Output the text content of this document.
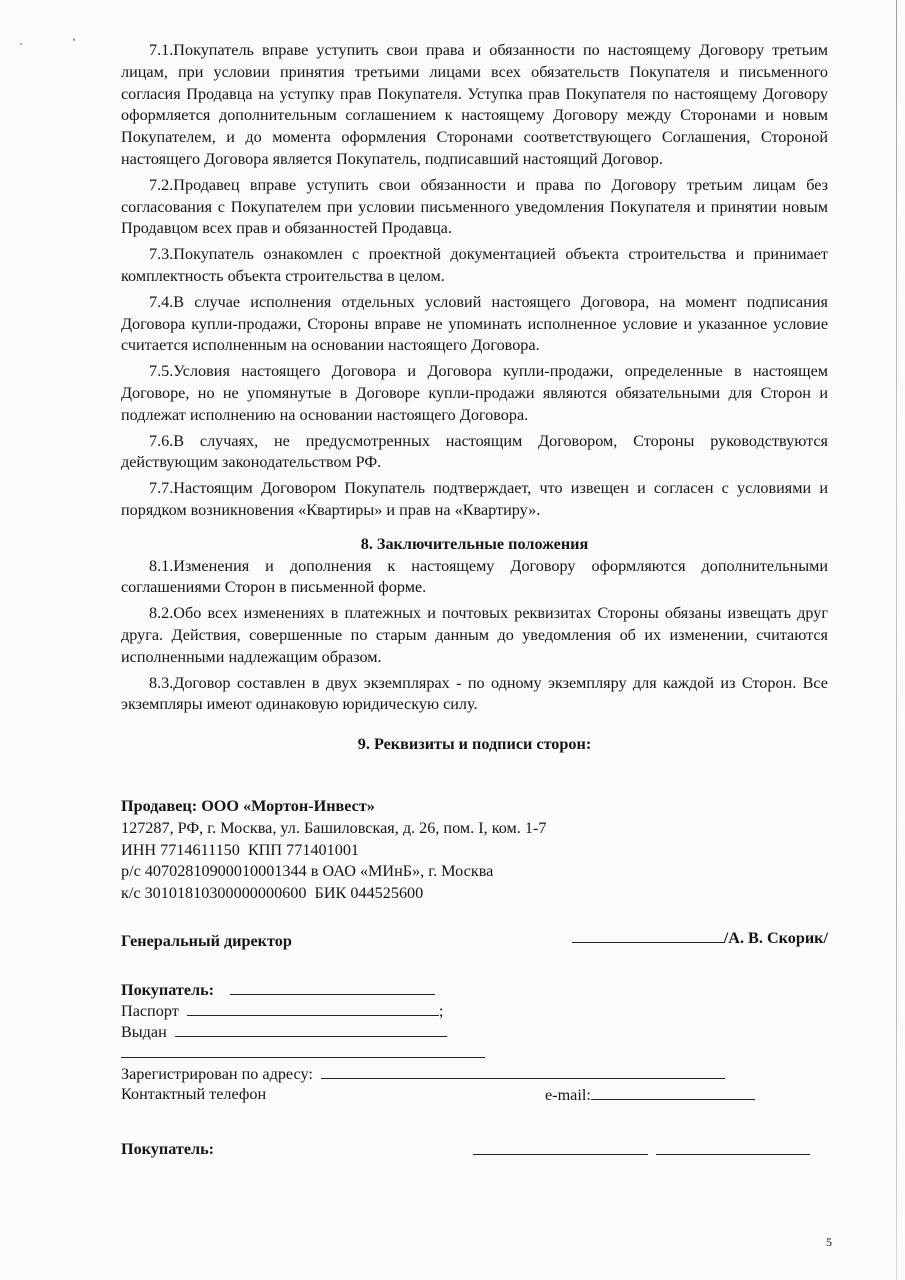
7.1.Покупатель вправе уступить свои права и обязанности по настоящему Договору третьим лицам, при условии принятия третьими лицами всех обязательств Покупателя и письменного согласия Продавца на уступку прав Покупателя. Уступка прав Покупателя по настоящему Договору оформляется дополнительным соглашением к настоящему Договору между Сторонами и новым Покупателем, и до момента оформления Сторонами соответствующего Соглашения, Стороной настоящего Договора является Покупатель, подписавший настоящий Договор.

7.2.Продавец вправе уступить свои обязанности и права по Договору третьим лицам без согласования с Покупателем при условии письменного уведомления Покупателя и принятии новым Продавцом всех прав и обязанностей Продавца.

7.3.Покупатель ознакомлен с проектной документацией объекта строительства и принимает комплектность объекта строительства в целом.

7.4.В случае исполнения отдельных условий настоящего Договора, на момент подписания Договора купли-продажи, Стороны вправе не упоминать исполненное условие и указанное условие считается исполненным на основании настоящего Договора.

7.5.Условия настоящего Договора и Договора купли-продажи, определенные в настоящем Договоре, но не упомянутые в Договоре купли-продажи являются обязательными для Сторон и подлежат исполнению на основании настоящего Договора.

7.6.В случаях, не предусмотренных настоящим Договором, Стороны руководствуются действующим законодательством РФ.

7.7.Настоящим Договором Покупатель подтверждает, что извещен и согласен с условиями и порядком возникновения «Квартиры» и прав на «Квартиру».

8. Заключительные положения

8.1.Изменения и дополнения к настоящему Договору оформляются дополнительными соглашениями Сторон в письменной форме.

8.2.Обо всех изменениях в платежных и почтовых реквизитах Стороны обязаны извещать друг друга. Действия, совершенные по старым данным до уведомления об их изменении, считаются исполненными надлежащим образом.

8.3.Договор составлен в двух экземплярах - по одному экземпляру для каждой из Сторон. Все экземпляры имеют одинаковую юридическую силу.

9. Реквизиты и подписи сторон:

Продавец: ООО «Мортон-Инвест»

127287, РФ, г. Москва, ул. Башиловская, д. 26, пом. I, ком. 1-7

ИНН 7714611150  КПП 771401001

р/с 40702810900010001344 в ОАО «МИнБ», г. Москва

к/с 30101810300000000600  БИК 044525600

Генеральный директор	/А. В. Скорик/
Покупатель:
Паспорт	;
Выдан
Зарегистрирован по адресу:
Контактный телефон	e-mail:
Покупатель:

5
